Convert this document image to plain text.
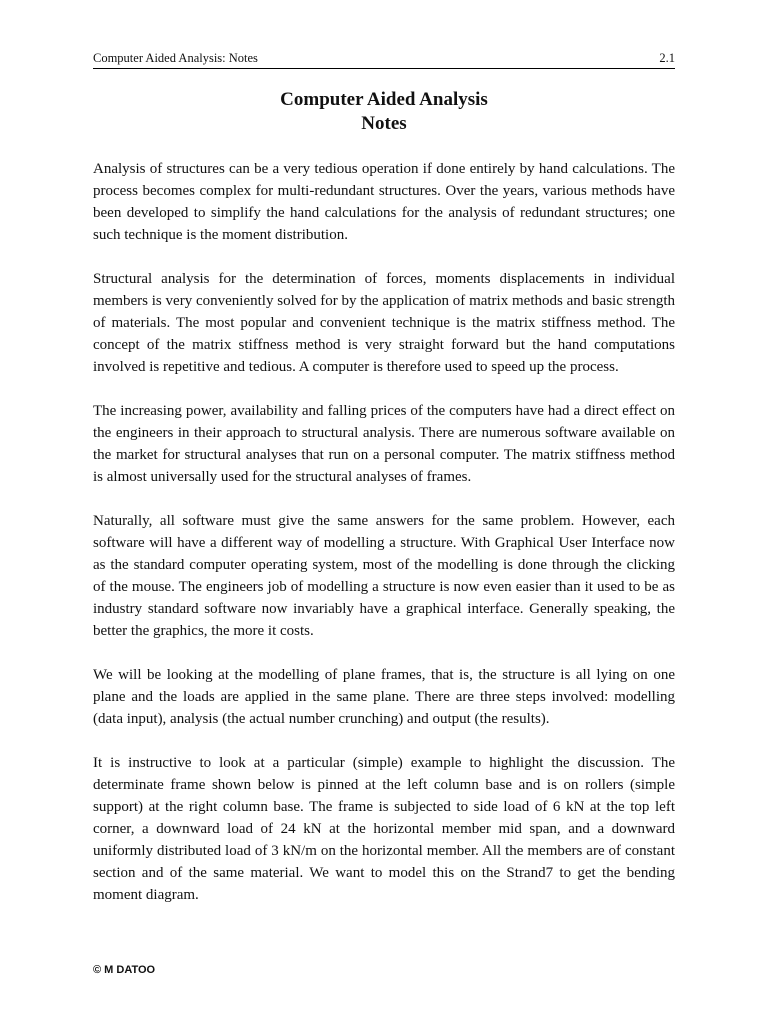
Computer Aided Analysis: Notes	2.1
Computer Aided Analysis
Notes

Analysis of structures can be a very tedious operation if done entirely by hand calculations. The process becomes complex for multi-redundant structures. Over the years, various methods have been developed to simplify the hand calculations for the analysis of redundant structures; one such technique is the moment distribution.

Structural analysis for the determination of forces, moments displacements in individual members is very conveniently solved for by the application of matrix methods and basic strength of materials. The most popular and convenient technique is the matrix stiffness method. The concept of the matrix stiffness method is very straight forward but the hand computations involved is repetitive and tedious. A computer is therefore used to speed up the process.

The increasing power, availability and falling prices of the computers have had a direct effect on the engineers in their approach to structural analysis. There are numerous software available on the market for structural analyses that run on a personal computer. The matrix stiffness method is almost universally used for the structural analyses of frames.

Naturally, all software must give the same answers for the same problem. However, each software will have a different way of modelling a structure. With Graphical User Interface now as the standard computer operating system, most of the modelling is done through the clicking of the mouse. The engineers job of modelling a structure is now even easier than it used to be as industry standard software now invariably have a graphical interface. Generally speaking, the better the graphics, the more it costs.

We will be looking at the modelling of plane frames, that is, the structure is all lying on one plane and the loads are applied in the same plane. There are three steps involved: modelling (data input), analysis (the actual number crunching) and output (the results).

It is instructive to look at a particular (simple) example to highlight the discussion. The determinate frame shown below is pinned at the left column base and is on rollers (simple support) at the right column base. The frame is subjected to side load of 6 kN at the top left corner, a downward load of 24 kN at the horizontal member mid span, and a downward uniformly distributed load of 3 kN/m on the horizontal member. All the members are of constant section and of the same material. We want to model this on the Strand7 to get the bending moment diagram.

© M DATOO
